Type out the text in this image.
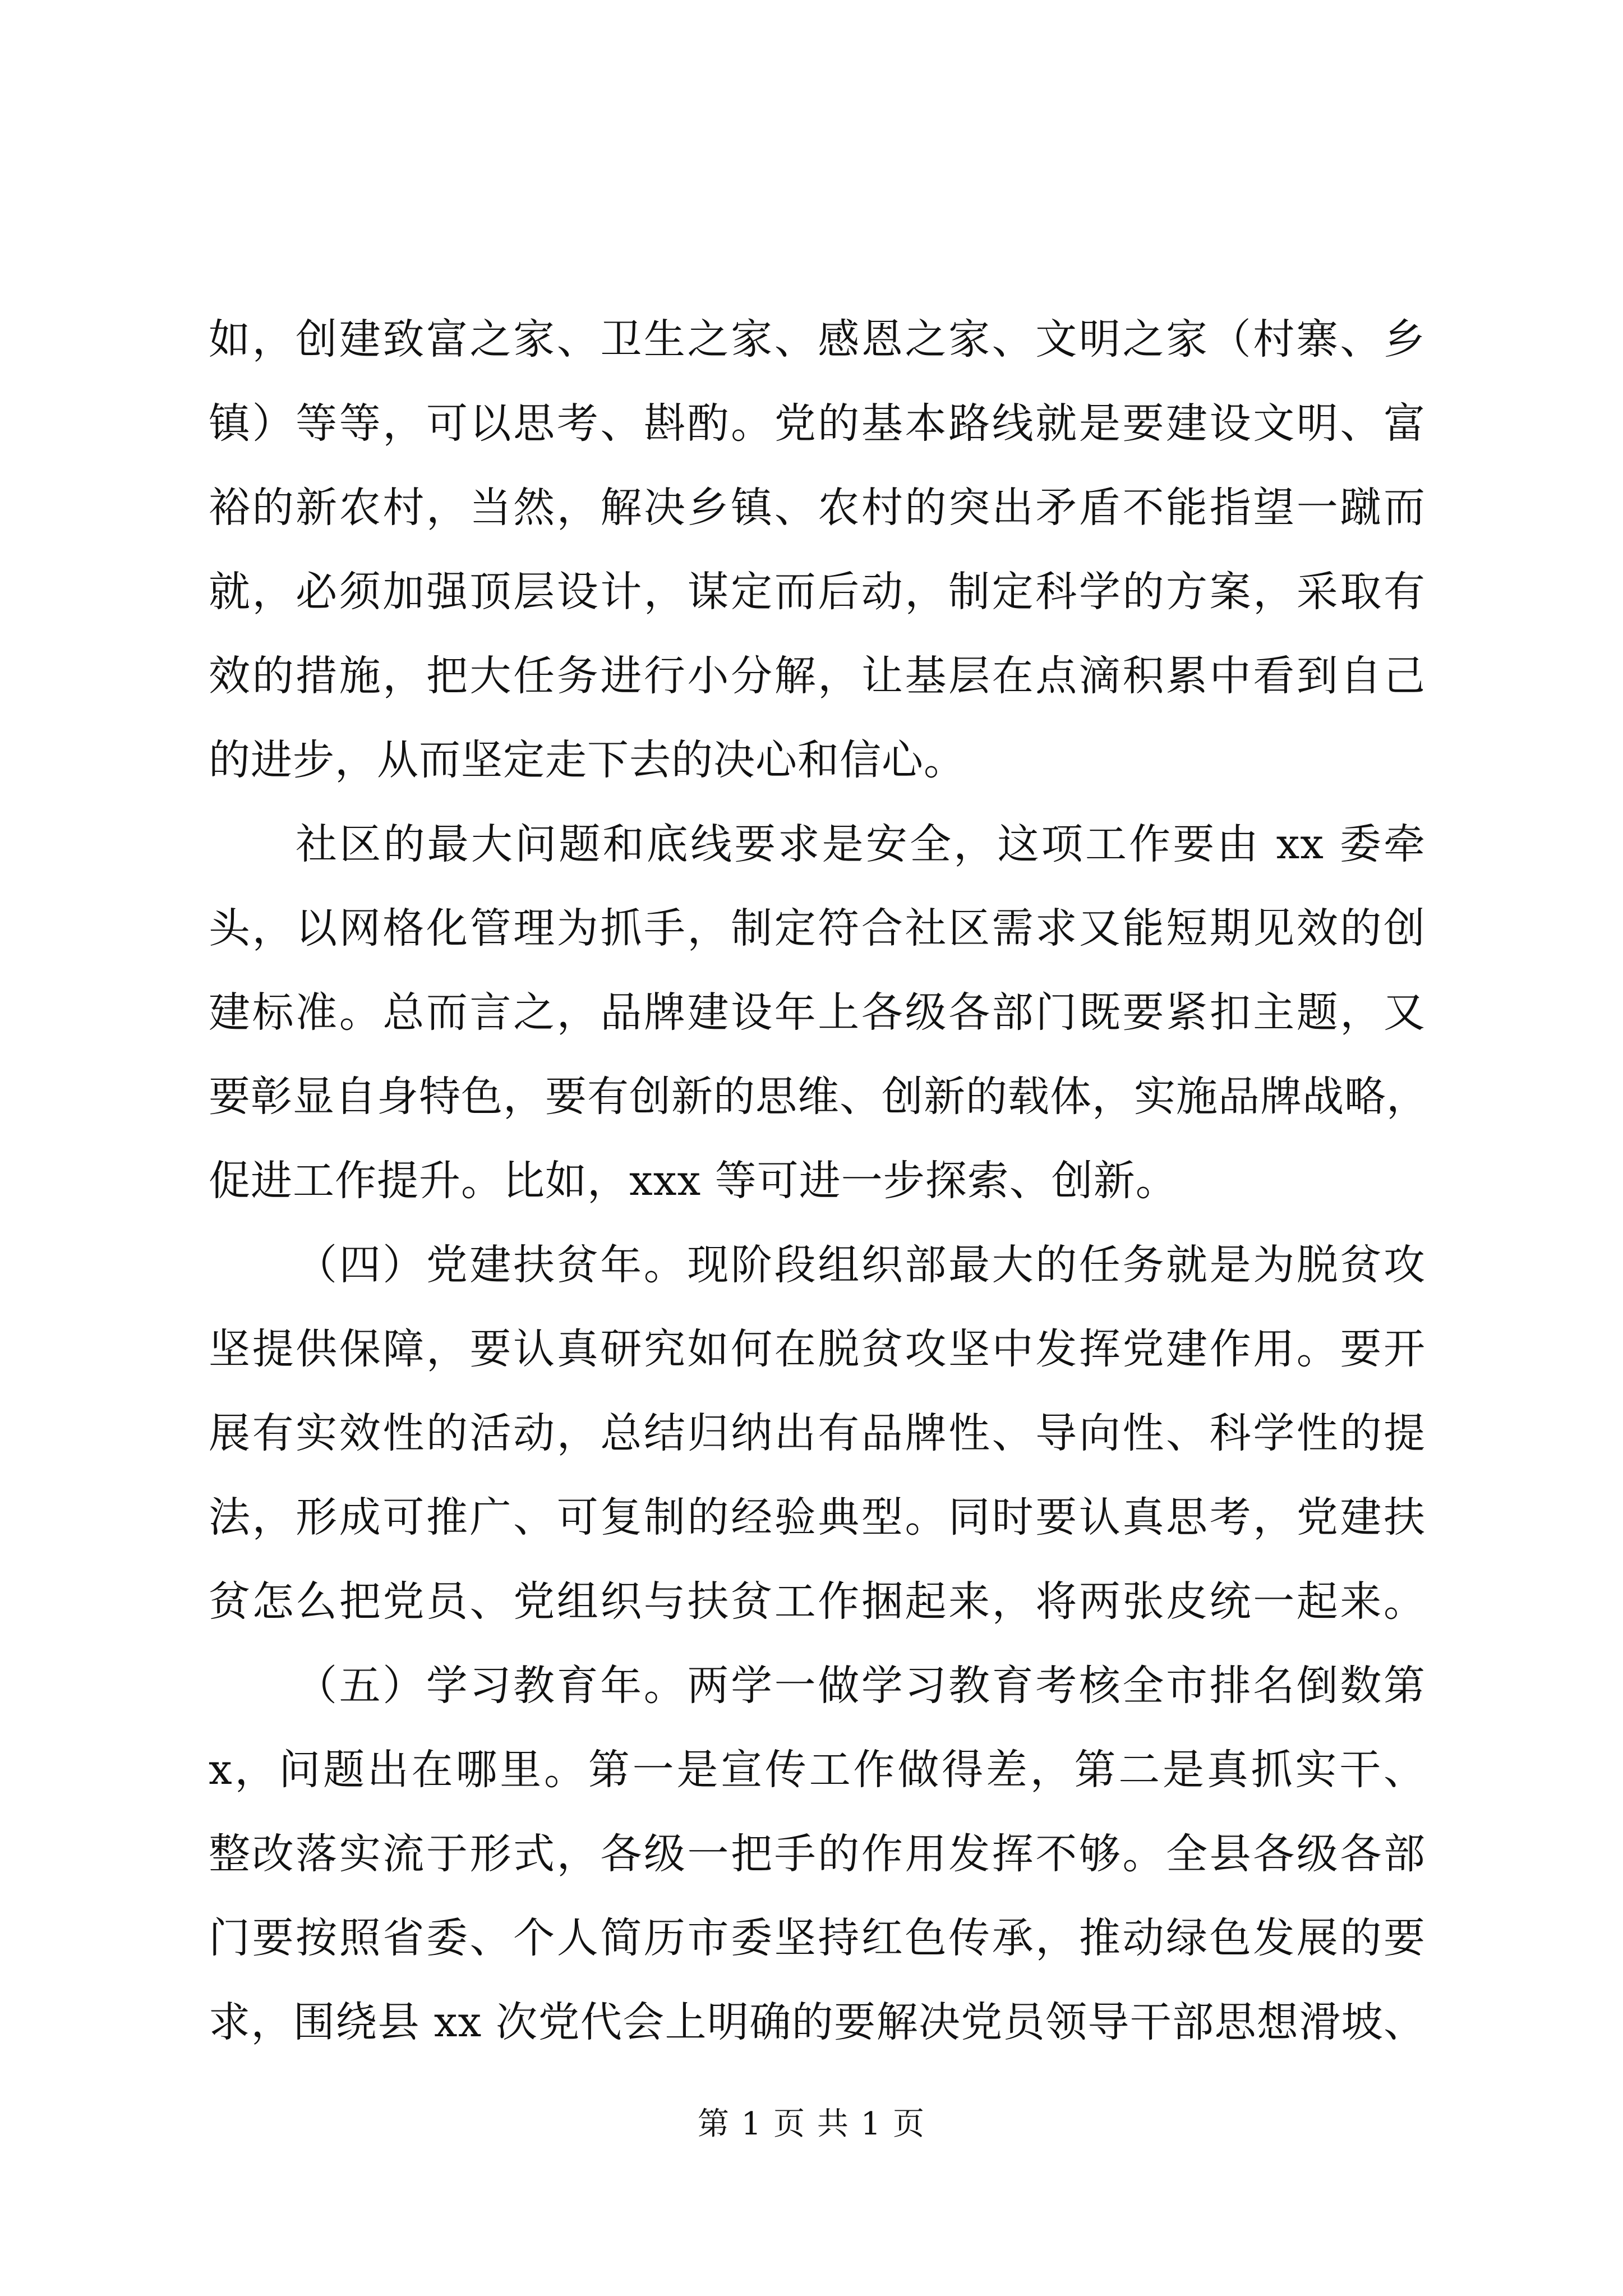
如，创建致富之家、卫生之家、感恩之家、文明之家（村寨、乡
镇）等等，可以思考、斟酌。党的基本路线就是要建设文明、富
裕的新农村，当然，解决乡镇、农村的突出矛盾不能指望一蹴而
就，必须加强顶层设计，谋定而后动，制定科学的方案，采取有
效的措施，把大任务进行小分解，让基层在点滴积累中看到自己
的进步，从而坚定走下去的决心和信心。
社区的最大问题和底线要求是安全，这项工作要由 xx 委牵
头，以网格化管理为抓手，制定符合社区需求又能短期见效的创
建标准。总而言之，品牌建设年上各级各部门既要紧扣主题，又
要彰显自身特色，要有创新的思维、创新的载体，实施品牌战略，
促进工作提升。比如，xxx 等可进一步探索、创新。
（四）党建扶贫年。现阶段组织部最大的任务就是为脱贫攻
坚提供保障，要认真研究如何在脱贫攻坚中发挥党建作用。要开
展有实效性的活动，总结归纳出有品牌性、导向性、科学性的提
法，形成可推广、可复制的经验典型。同时要认真思考，党建扶
贫怎么把党员、党组织与扶贫工作捆起来，将两张皮统一起来。
（五）学习教育年。两学一做学习教育考核全市排名倒数第
x，问题出在哪里。第一是宣传工作做得差，第二是真抓实干、
整改落实流于形式，各级一把手的作用发挥不够。全县各级各部
门要按照省委、个人简历市委坚持红色传承，推动绿色发展的要
求，围绕县 xx 次党代会上明确的要解决党员领导干部思想滑坡、
第 1 页 共 1 页
